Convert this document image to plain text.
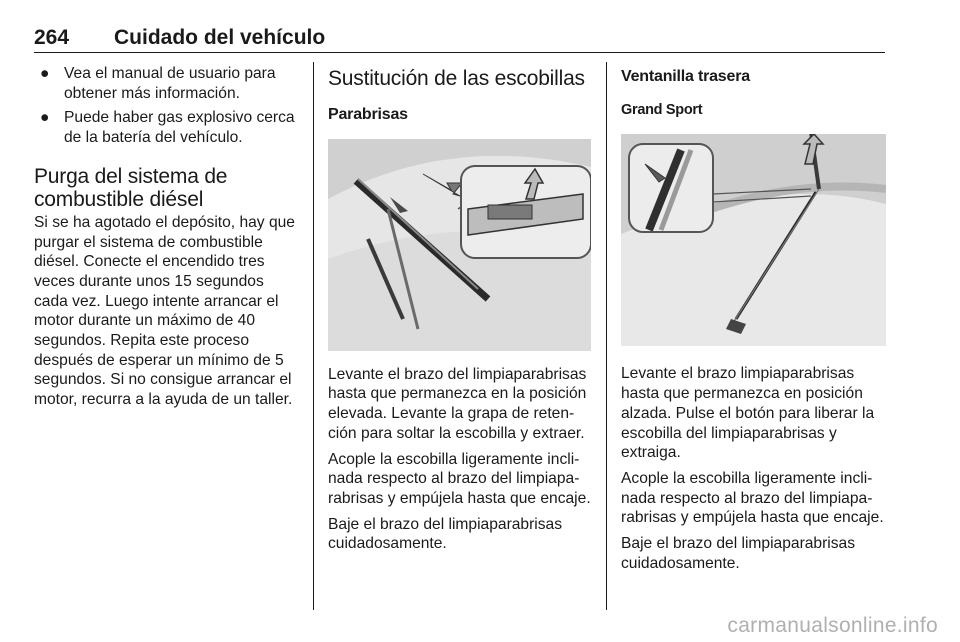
264 Cuidado del vehículo
● Vea el manual de usuario para obtener más información.
● Puede haber gas explosivo cerca de la batería del vehículo.
Purga del sistema de combustible diésel

Si se ha agotado el depósito, hay que purgar el sistema de combustible diésel. Conecte el encendido tres veces durante unos 15 segundos cada vez. Luego intente arrancar el motor durante un máximo de 40 segundos. Repita este proceso después de esperar un mínimo de 5 segundos. Si no consigue arrancar el motor, recurra a la ayuda de un taller.

Sustitución de las escobillas
Parabrisas

Levante el brazo del limpiaparabrisas hasta que permanezca en la posición elevada. Levante la grapa de reten-ción para soltar la escobilla y extraer.

Acople la escobilla ligeramente incli-nada respecto al brazo del limpiapa-rabrisas y empújela hasta que encaje.

Baje el brazo del limpiaparabrisas cuidadosamente.

Ventanilla trasera
Grand Sport

Levante el brazo limpiaparabrisas hasta que permanezca en posición alzada. Pulse el botón para liberar la escobilla del limpiaparabrisas y extraiga.

Acople la escobilla ligeramente incli-nada respecto al brazo del limpiapa-rabrisas y empújela hasta que encaje.

Baje el brazo del limpiaparabrisas cuidadosamente.

carmanualsonline.info
